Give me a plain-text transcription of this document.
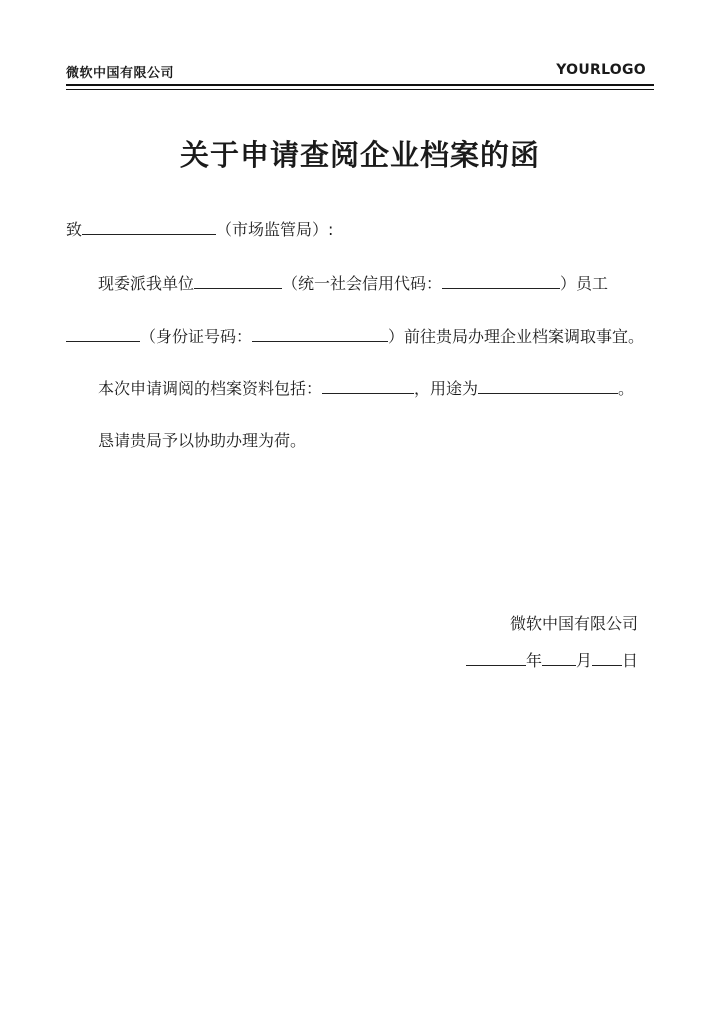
微软中国有限公司	YOURLOGO
关于申请查阅企业档案的函
致	（市场监管局）:
现委派我单位	（统一社会信用代码：	）员工
（身份证号码：	）前往贵局办理企业档案调取事宜。
本次申请调阅的档案资料包括：	，用途为	。
恳请贵局予以协助办理为荷。
微软中国有限公司
年 月 日
